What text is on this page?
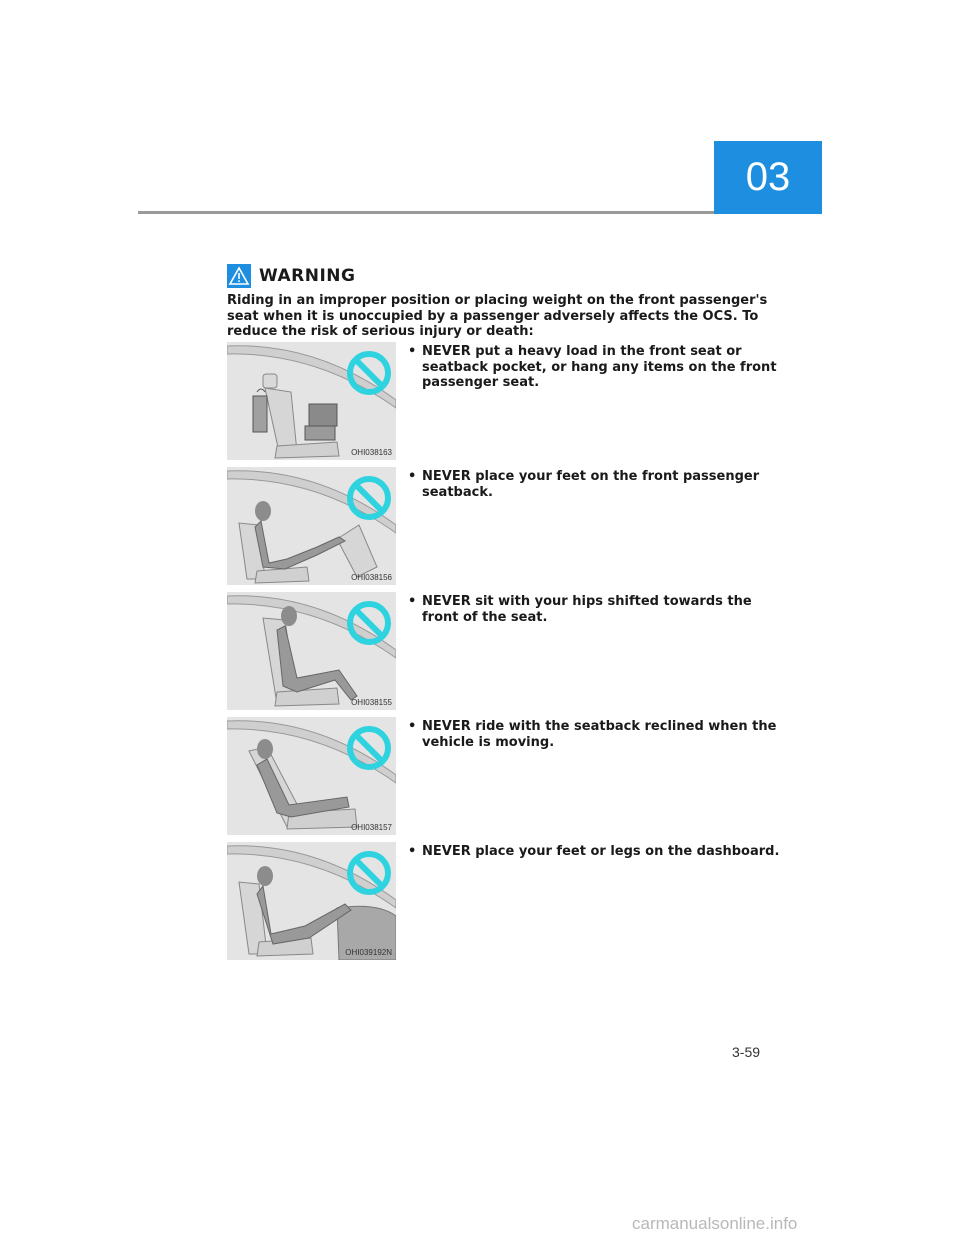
03
WARNING
Riding in an improper position or placing weight on the front passenger's seat when it is unoccupied by a passenger adversely affects the OCS. To reduce the risk of serious injury or death:
OHI038163
• NEVER put a heavy load in the front seat or seatback pocket, or hang any items on the front passenger seat.
OHI038156
• NEVER place your feet on the front passenger seatback.
OHI038155
• NEVER sit with your hips shifted towards the front of the seat.
OHI038157
• NEVER ride with the seatback reclined when the vehicle is moving.
OHI039192N
• NEVER place your feet or legs on the dashboard.
3-59
carmanualsonline.info
